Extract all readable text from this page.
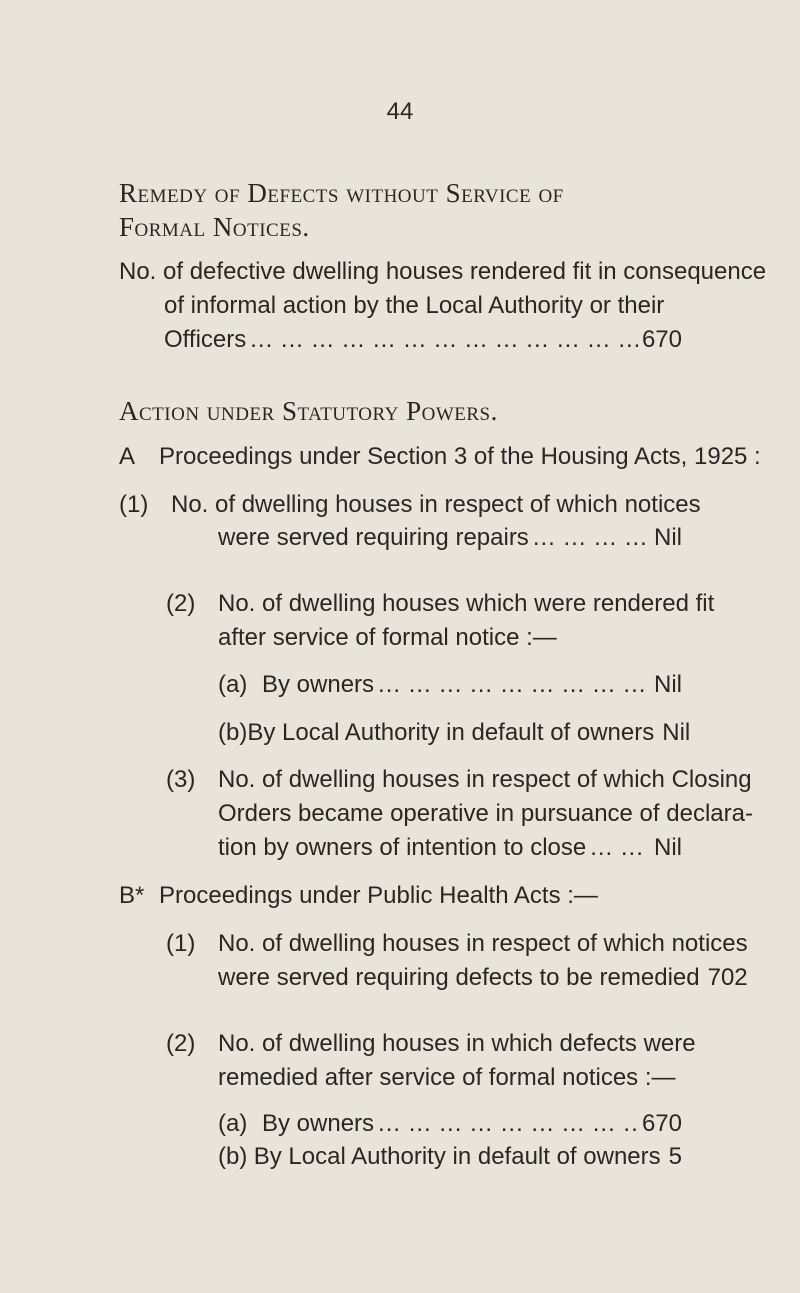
44
Remedy of Defects without Service of
Formal Notices.
No. of defective dwelling houses rendered fit in consequence
of informal action by the Local Authority or their
Officers ... .	670
Action under Statutory Powers.
A Proceedings under Section 3 of the Housing Acts, 1925 :
(1) No. of dwelling houses in respect of which notices
were served requiring repairs ... .	Nil
(2) No. of dwelling houses which were rendered fit
after service of formal notice :—
(a) By owners ... .	Nil
(b) By Local Authority in default of owners Nil
(3) No. of dwelling houses in respect of which Closing
Orders became operative in pursuance of declara-
tion by owners of intention to close ... .	Nil
B* Proceedings under Public Health Acts :—
(1) No. of dwelling houses in respect of which notices
were served requiring defects to be remedied 702
(2) No. of dwelling houses in which defects were
remedied after service of formal notices :—
(a) By owners ... .	670
(b) By Local Authority in default of owners 5
